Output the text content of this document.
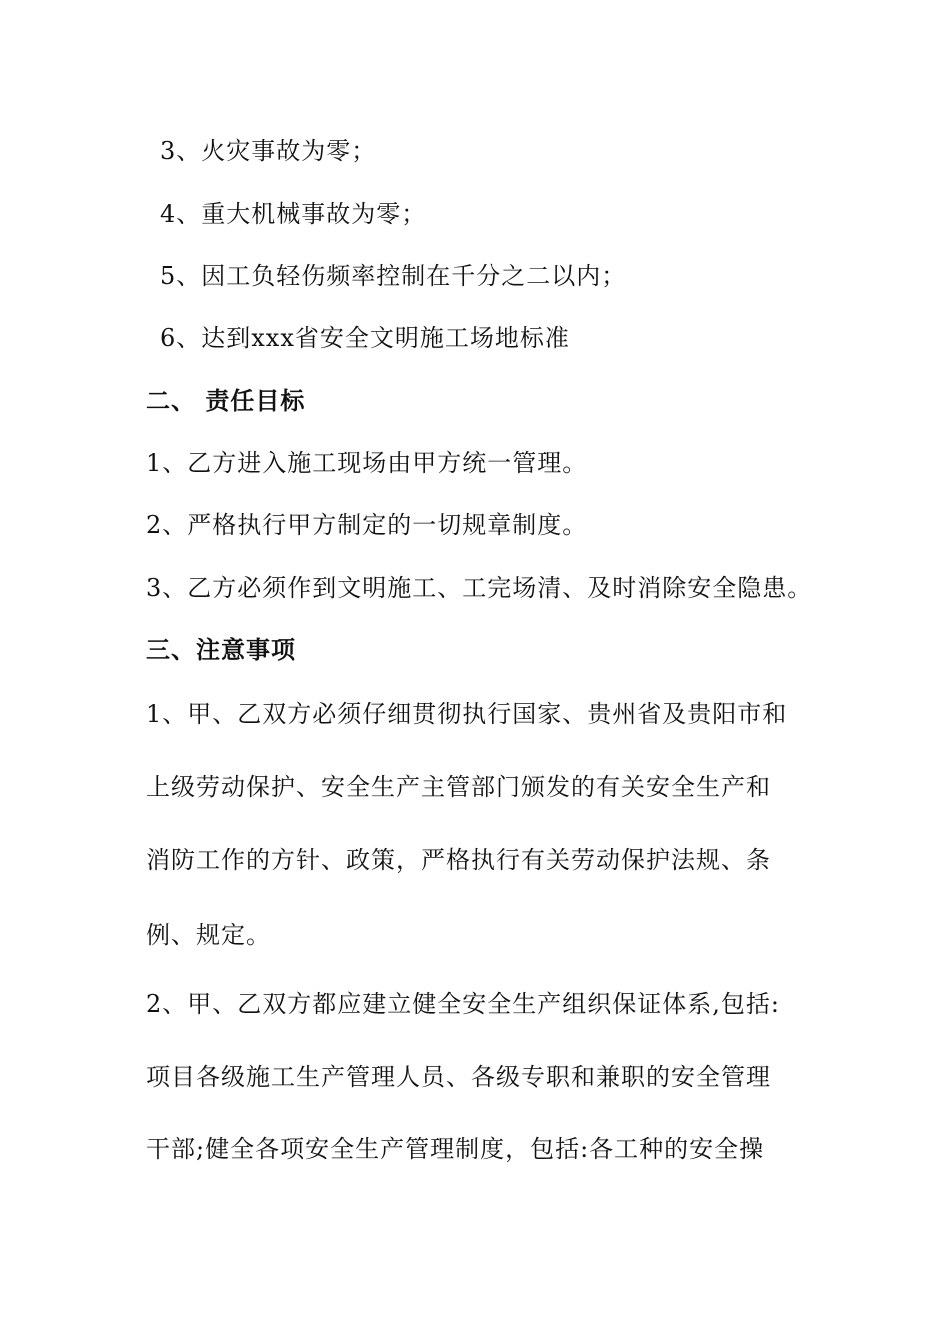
3、火灾事故为零；
4、重大机械事故为零；
5、因工负轻伤频率控制在千分之二以内；
6、达到xxx省安全文明施工场地标准
二、 责任目标
1、乙方进入施工现场由甲方统一管理。
2、严格执行甲方制定的一切规章制度。
3、乙方必须作到文明施工、工完场清、及时消除安全隐患。
三、注意事项
1、甲、乙双方必须仔细贯彻执行国家、贵州省及贵阳市和
上级劳动保护、安全生产主管部门颁发的有关安全生产和
消防工作的方针、政策，严格执行有关劳动保护法规、条
例、规定。
2、甲、乙双方都应建立健全安全生产组织保证体系,包括:
项目各级施工生产管理人员、各级专职和兼职的安全管理
干部;健全各项安全生产管理制度，包括:各工种的安全操
